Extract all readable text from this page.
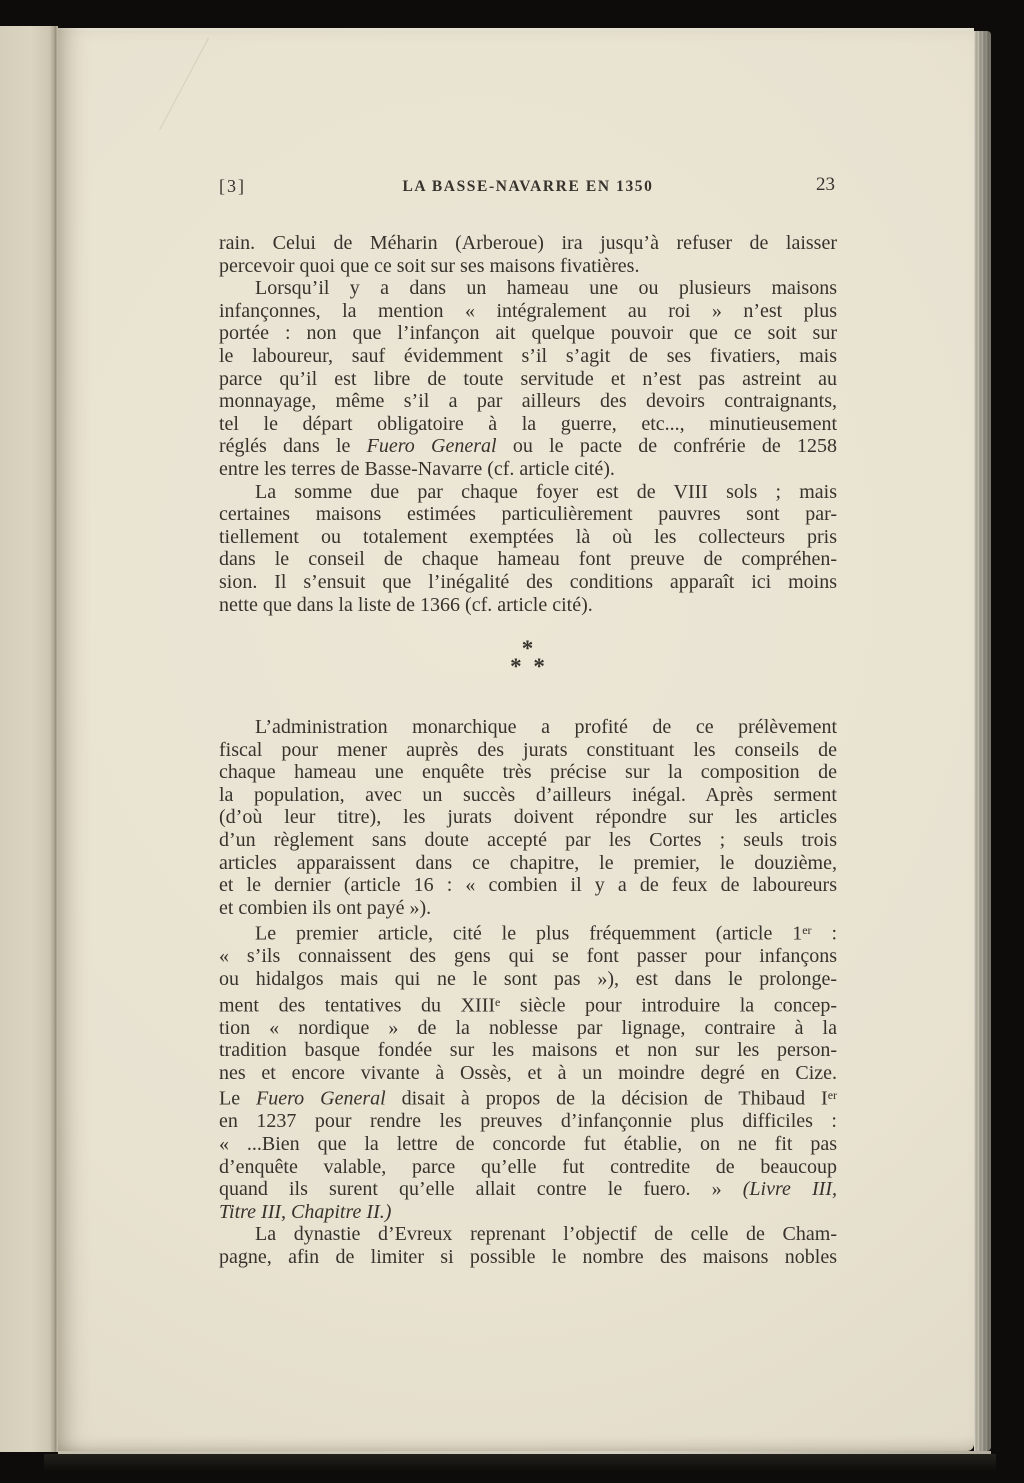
[3]	LA BASSE-NAVARRE EN 1350	23
rain. Celui de Méharin (Arberoue) ira jusqu’à refuser de laisser
percevoir quoi que ce soit sur ses maisons fivatières.
Lorsqu’il y a dans un hameau une ou plusieurs maisons
infançonnes, la mention « intégralement au roi » n’est plus
portée : non que l’infançon ait quelque pouvoir que ce soit sur
le laboureur, sauf évidemment s’il s’agit de ses fivatiers, mais
parce qu’il est libre de toute servitude et n’est pas astreint au
monnayage, même s’il a par ailleurs des devoirs contraignants,
tel le départ obligatoire à la guerre, etc..., minutieusement
réglés dans le Fuero General ou le pacte de confrérie de 1258
entre les terres de Basse-Navarre (cf. article cité).
La somme due par chaque foyer est de VIII sols ; mais
certaines maisons estimées particulièrement pauvres sont par-
tiellement ou totalement exemptées là où les collecteurs pris
dans le conseil de chaque hameau font preuve de compréhen-
sion. Il s’ensuit que l’inégalité des conditions apparaît ici moins
nette que dans la liste de 1366 (cf. article cité).
*
* *
L’administration monarchique a profité de ce prélèvement
fiscal pour mener auprès des jurats constituant les conseils de
chaque hameau une enquête très précise sur la composition de
la population, avec un succès d’ailleurs inégal. Après serment
(d’où leur titre), les jurats doivent répondre sur les articles
d’un règlement sans doute accepté par les Cortes ; seuls trois
articles apparaissent dans ce chapitre, le premier, le douzième,
et le dernier (article 16 : « combien il y a de feux de laboureurs
et combien ils ont payé »).
Le premier article, cité le plus fréquemment (article 1er :
« s’ils connaissent des gens qui se font passer pour infançons
ou hidalgos mais qui ne le sont pas »), est dans le prolonge-
ment des tentatives du XIIIe siècle pour introduire la concep-
tion « nordique » de la noblesse par lignage, contraire à la
tradition basque fondée sur les maisons et non sur les person-
nes et encore vivante à Ossès, et à un moindre degré en Cize.
Le Fuero General disait à propos de la décision de Thibaud Ier
en 1237 pour rendre les preuves d’infançonnie plus difficiles :
« ...Bien que la lettre de concorde fut établie, on ne fit pas
d’enquête valable, parce qu’elle fut contredite de beaucoup
quand ils surent qu’elle allait contre le fuero. » (Livre III,
Titre III, Chapitre II.)
La dynastie d’Evreux reprenant l’objectif de celle de Cham-
pagne, afin de limiter si possible le nombre des maisons nobles
